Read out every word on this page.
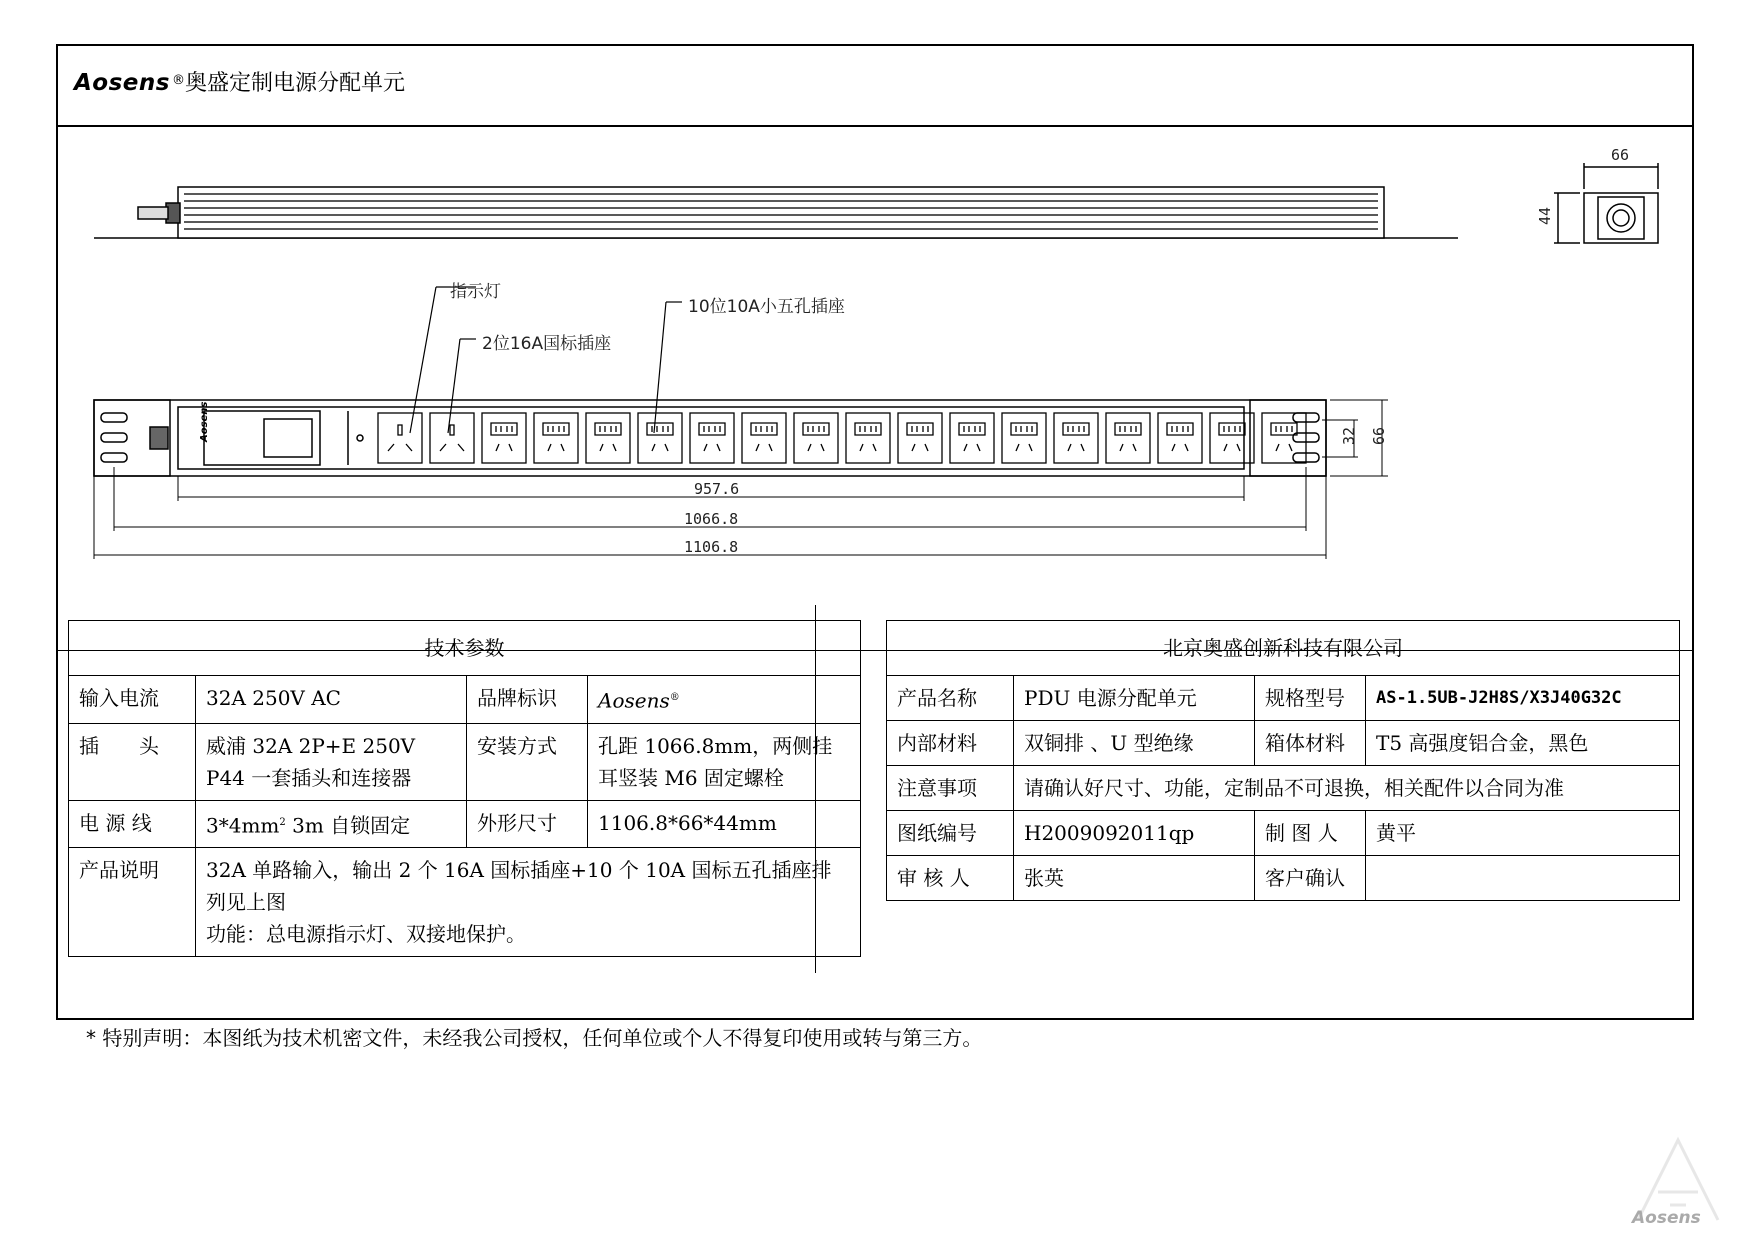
Aosens ®奥盛定制电源分配单元
66
44
指示灯
2位16A国标插座
10位10A小五孔插座
Aosens
957.6
1066.8
1106.8
66
32
技术参数			
输入电流	32A 250V AC	品牌标识	Aosens®
插　　头	威浦 32A 2P+E 250V P44 一套插头和连接器	安装方式	孔距 1066.8mm，两侧挂耳竖装 M6 固定螺栓
电 源 线	$3*4mm^2$ 3m 自锁固定	外形尺寸	1106.8*66*44mm
产品说明	32A 单路输入，输出 2 个 16A 国标插座+10 个 10A 国标五孔插座排列见上图
功能：总电源指示灯、双接地保护。		
北京奥盛创新科技有限公司			
产品名称	PDU 电源分配单元	规格型号	AS-1.5UB-J2H8S/X3J40G32C
内部材料	双铜排 、U 型绝缘	箱体材料	T5 高强度铝合金，黑色
注意事项	请确认好尺寸、功能，定制品不可退换，相关配件以合同为准		
图纸编号	H2009092011qp	制 图 人	黄平
审 核 人	张英	客户确认	
* 特别声明：本图纸为技术机密文件，未经我公司授权，任何单位或个人不得复印使用或转与第三方。
Aosens
